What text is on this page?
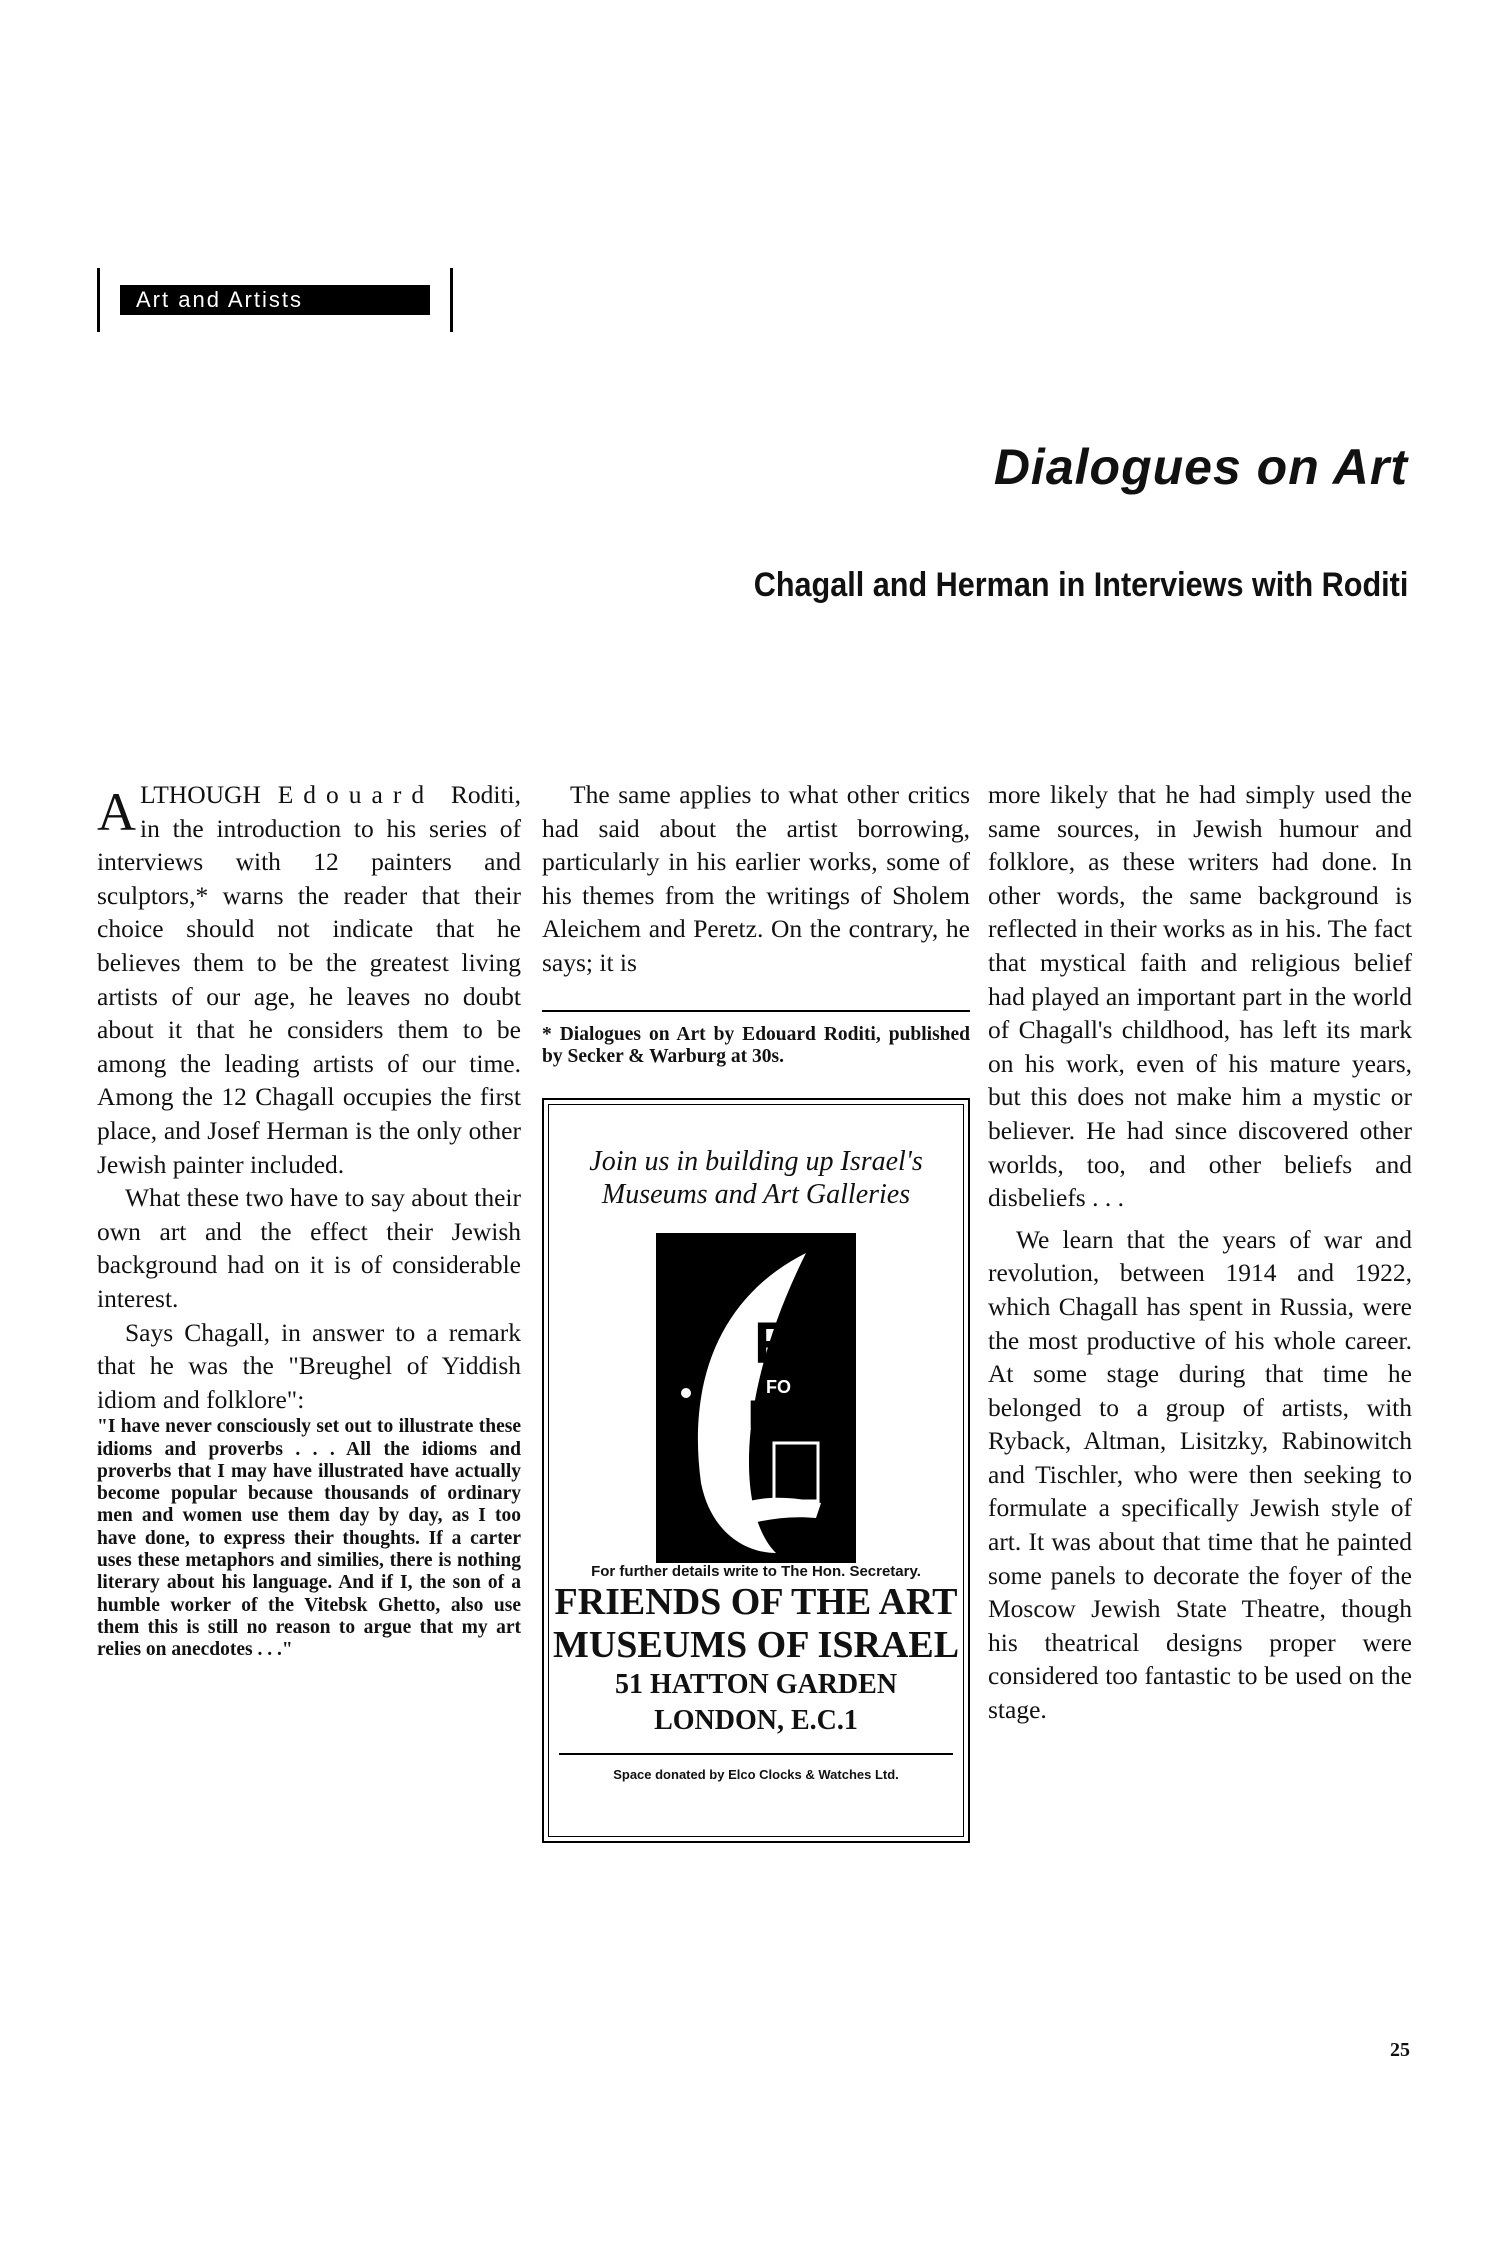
Art and Artists
Dialogues on Art
Chagall and Herman in Interviews with Roditi

ALTHOUGH Edouard Roditi, in the introduction to his series of interviews with 12 painters and sculptors,* warns the reader that their choice should not indicate that he believes them to be the greatest living artists of our age, he leaves no doubt about it that he considers them to be among the leading artists of our time. Among the 12 Chagall occupies the first place, and Josef Herman is the only other Jewish painter included.

What these two have to say about their own art and the effect their Jewish background had on it is of considerable interest.

Says Chagall, in answer to a remark that he was the "Breughel of Yiddish idiom and folklore":

"I have never consciously set out to illustrate these idioms and proverbs . . . All the idioms and proverbs that I may have illustrated have actually become popular because thousands of ordinary men and women use them day by day, as I too have done, to express their thoughts. If a carter uses these metaphors and similies, there is nothing literary about his language. And if I, the son of a humble worker of the Vitebsk Ghetto, also use them this is still no reason to argue that my art relies on anecdotes . . ."

The same applies to what other critics had said about the artist borrowing, particularly in his earlier works, some of his themes from the writings of Sholem Aleichem and Peretz. On the contrary, he says; it is

* Dialogues on Art by Edouard Roditi, published by Secker & Warburg at 30s.

Join us in building up Israel's Museums and Art Galleries

R
FO
RA

For further details write to The Hon. Secretary.

FRIENDS OF THE ART MUSEUMS OF ISRAEL

51 HATTON GARDEN

LONDON, E.C.1

Space donated by Elco Clocks & Watches Ltd.

more likely that he had simply used the same sources, in Jewish humour and folklore, as these writers had done. In other words, the same background is reflected in their works as in his. The fact that mystical faith and religious belief had played an important part in the world of Chagall's childhood, has left its mark on his work, even of his mature years, but this does not make him a mystic or believer. He had since discovered other worlds, too, and other beliefs and disbeliefs . . .

We learn that the years of war and revolution, between 1914 and 1922, which Chagall has spent in Russia, were the most productive of his whole career. At some stage during that time he belonged to a group of artists, with Ryback, Altman, Lisitzky, Rabinowitch and Tischler, who were then seeking to formulate a specifically Jewish style of art. It was about that time that he painted some panels to decorate the foyer of the Moscow Jewish State Theatre, though his theatrical designs proper were considered too fantastic to be used on the stage.

25
